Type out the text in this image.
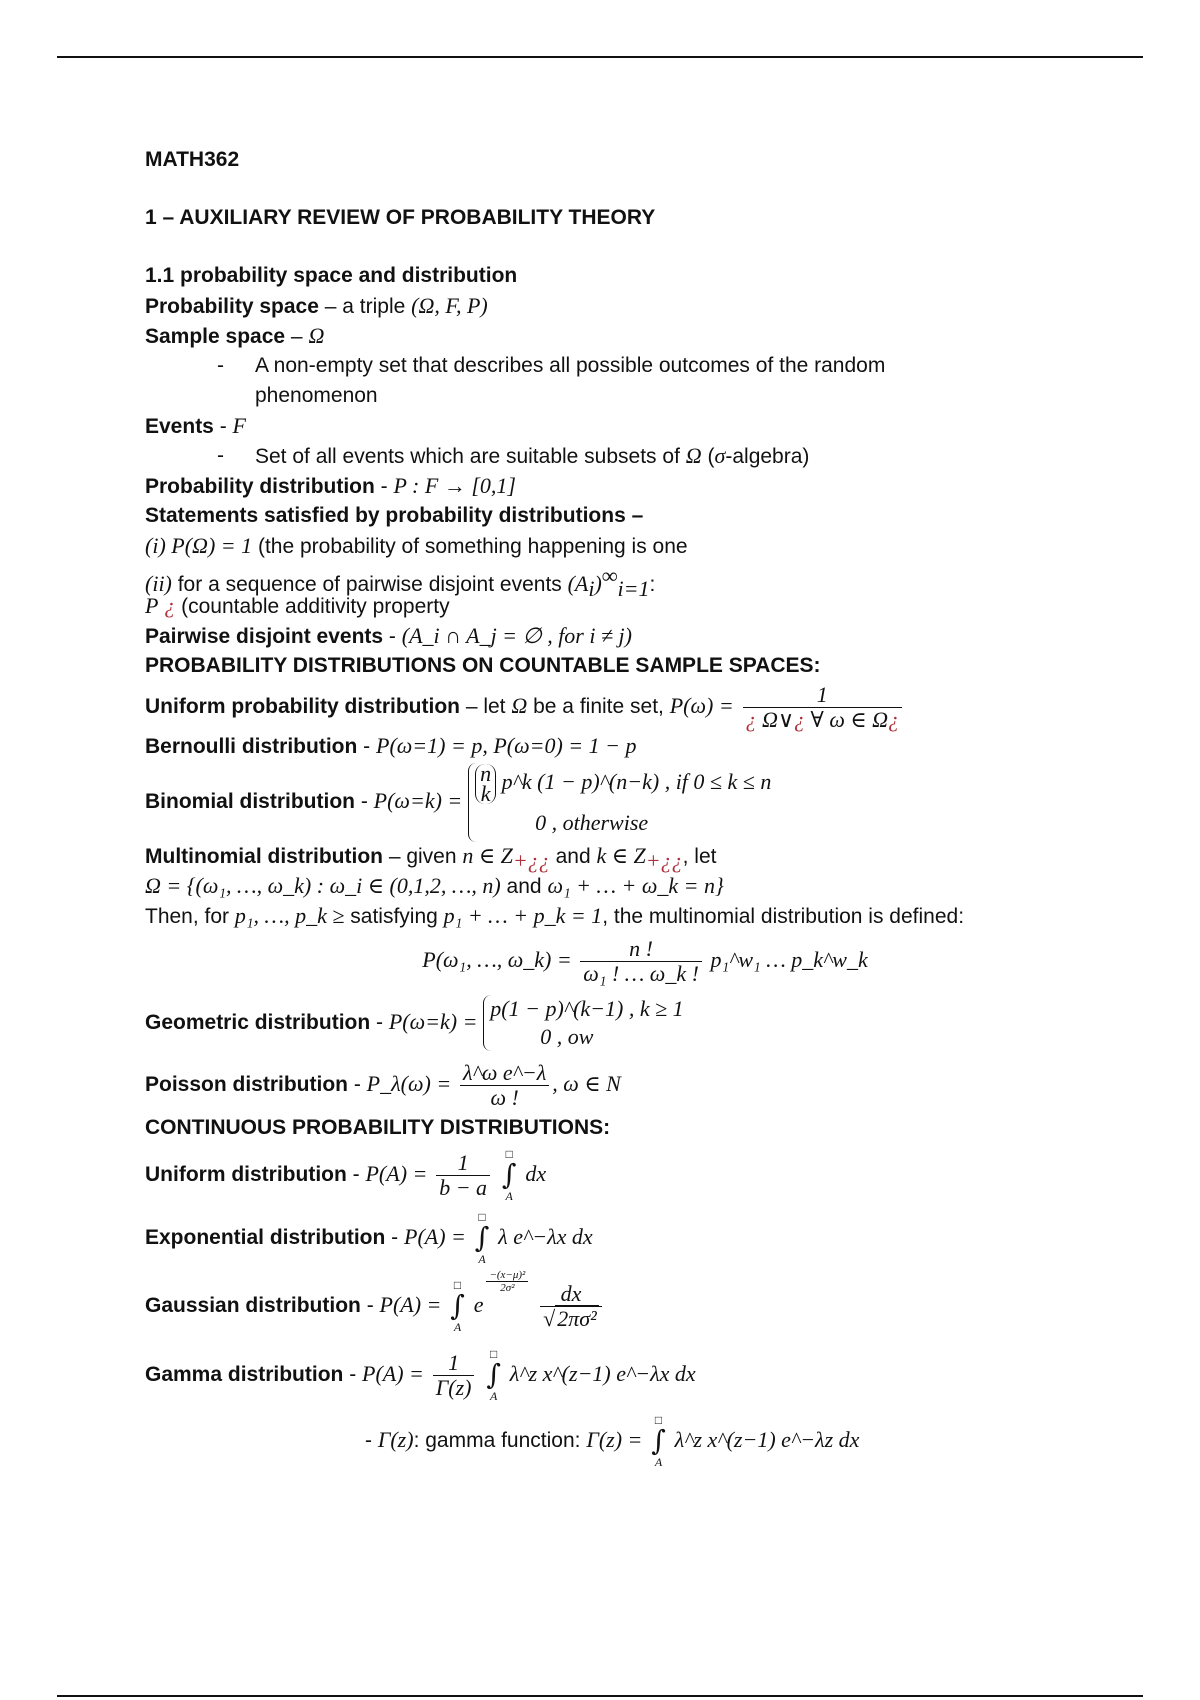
MATH362
1 – AUXILIARY REVIEW OF PROBABILITY THEORY
1.1 probability space and distribution
Probability space – a triple (Ω, F, P)
Sample space – Ω
- A non-empty set that describes all possible outcomes of the random
phenomenon
Events - F
- Set of all events which are suitable subsets of Ω (σ-algebra)
Probability distribution - P : F → [0,1]
Statements satisfied by probability distributions –
(i) P(Ω) = 1 (the probability of something happening is one
(ii) for a sequence of pairwise disjoint events $(A_i)^\infty_{i=1}$:
P ¿ (countable additivity property
Pairwise disjoint events - (A_i ∩ A_j = ∅ , for i ≠ j)
PROBABILITY DISTRIBUTIONS ON COUNTABLE SAMPLE SPACES:
Uniform probability distribution – let Ω be a finite set, $P(\omega) = \frac{1}{¿ \Omega\vee¿ \forall \omega \in \Omega¿}$
Bernoulli distribution - P(ω=1) = p, P(ω=0) = 1 − p
Binomial distribution - P(ω=k) =
n
k p^k (1 − p)^(n−k) , if 0 ≤ k ≤ n
0 , otherwise
Multinomial distribution – given n ∈ $Z_{+¿¿}$ and k ∈ $Z_{+¿¿}$, let
Ω = {(ω₁, …, ω_k) : ω_i ∈ (0,1,2, …, n) and ω₁ + … + ω_k = n}
Then, for p₁, …, p_k ≥ satisfying p₁ + … + p_k = 1, the multinomial distribution is defined:
P(ω₁, …, ω_k) = $\frac{n !}{\text{ω₁ ! … ω\_k !}}$ p₁^w₁ … p_k^w_k
Geometric distribution - P(ω=k) =
p(1 − p)^(k−1) , k ≥ 1
0 , ow
Poisson distribution - P_λ(ω) = $\frac{\text{λ\textasciicircum{}ω e\textasciicircum{}−λ}}{\omega !}$ , ω ∈ N
CONTINUOUS PROBABILITY DISTRIBUTIONS:
Uniform distribution - $P(A) = \frac{1}{b - a}$
	□
∫
A
dx
Exponential distribution - P(A) =
□
∫
A
λ e^−λx dx
Gaussian distribution - P(A) =
□
∫
A
e
$\frac{\text{−(x−μ)²}}{\text{2σ²}}$

$\frac{dx}{\text{√2πσ²}}$
Gamma distribution - $P(A) = \frac{1}{\Gamma(z)}$
	□
∫
A
λ^z x^(z−1) e^−λx dx
- Γ(z): gamma function: Γ(z) =
□
∫
A
λ^z x^(z−1) e^−λz dx
